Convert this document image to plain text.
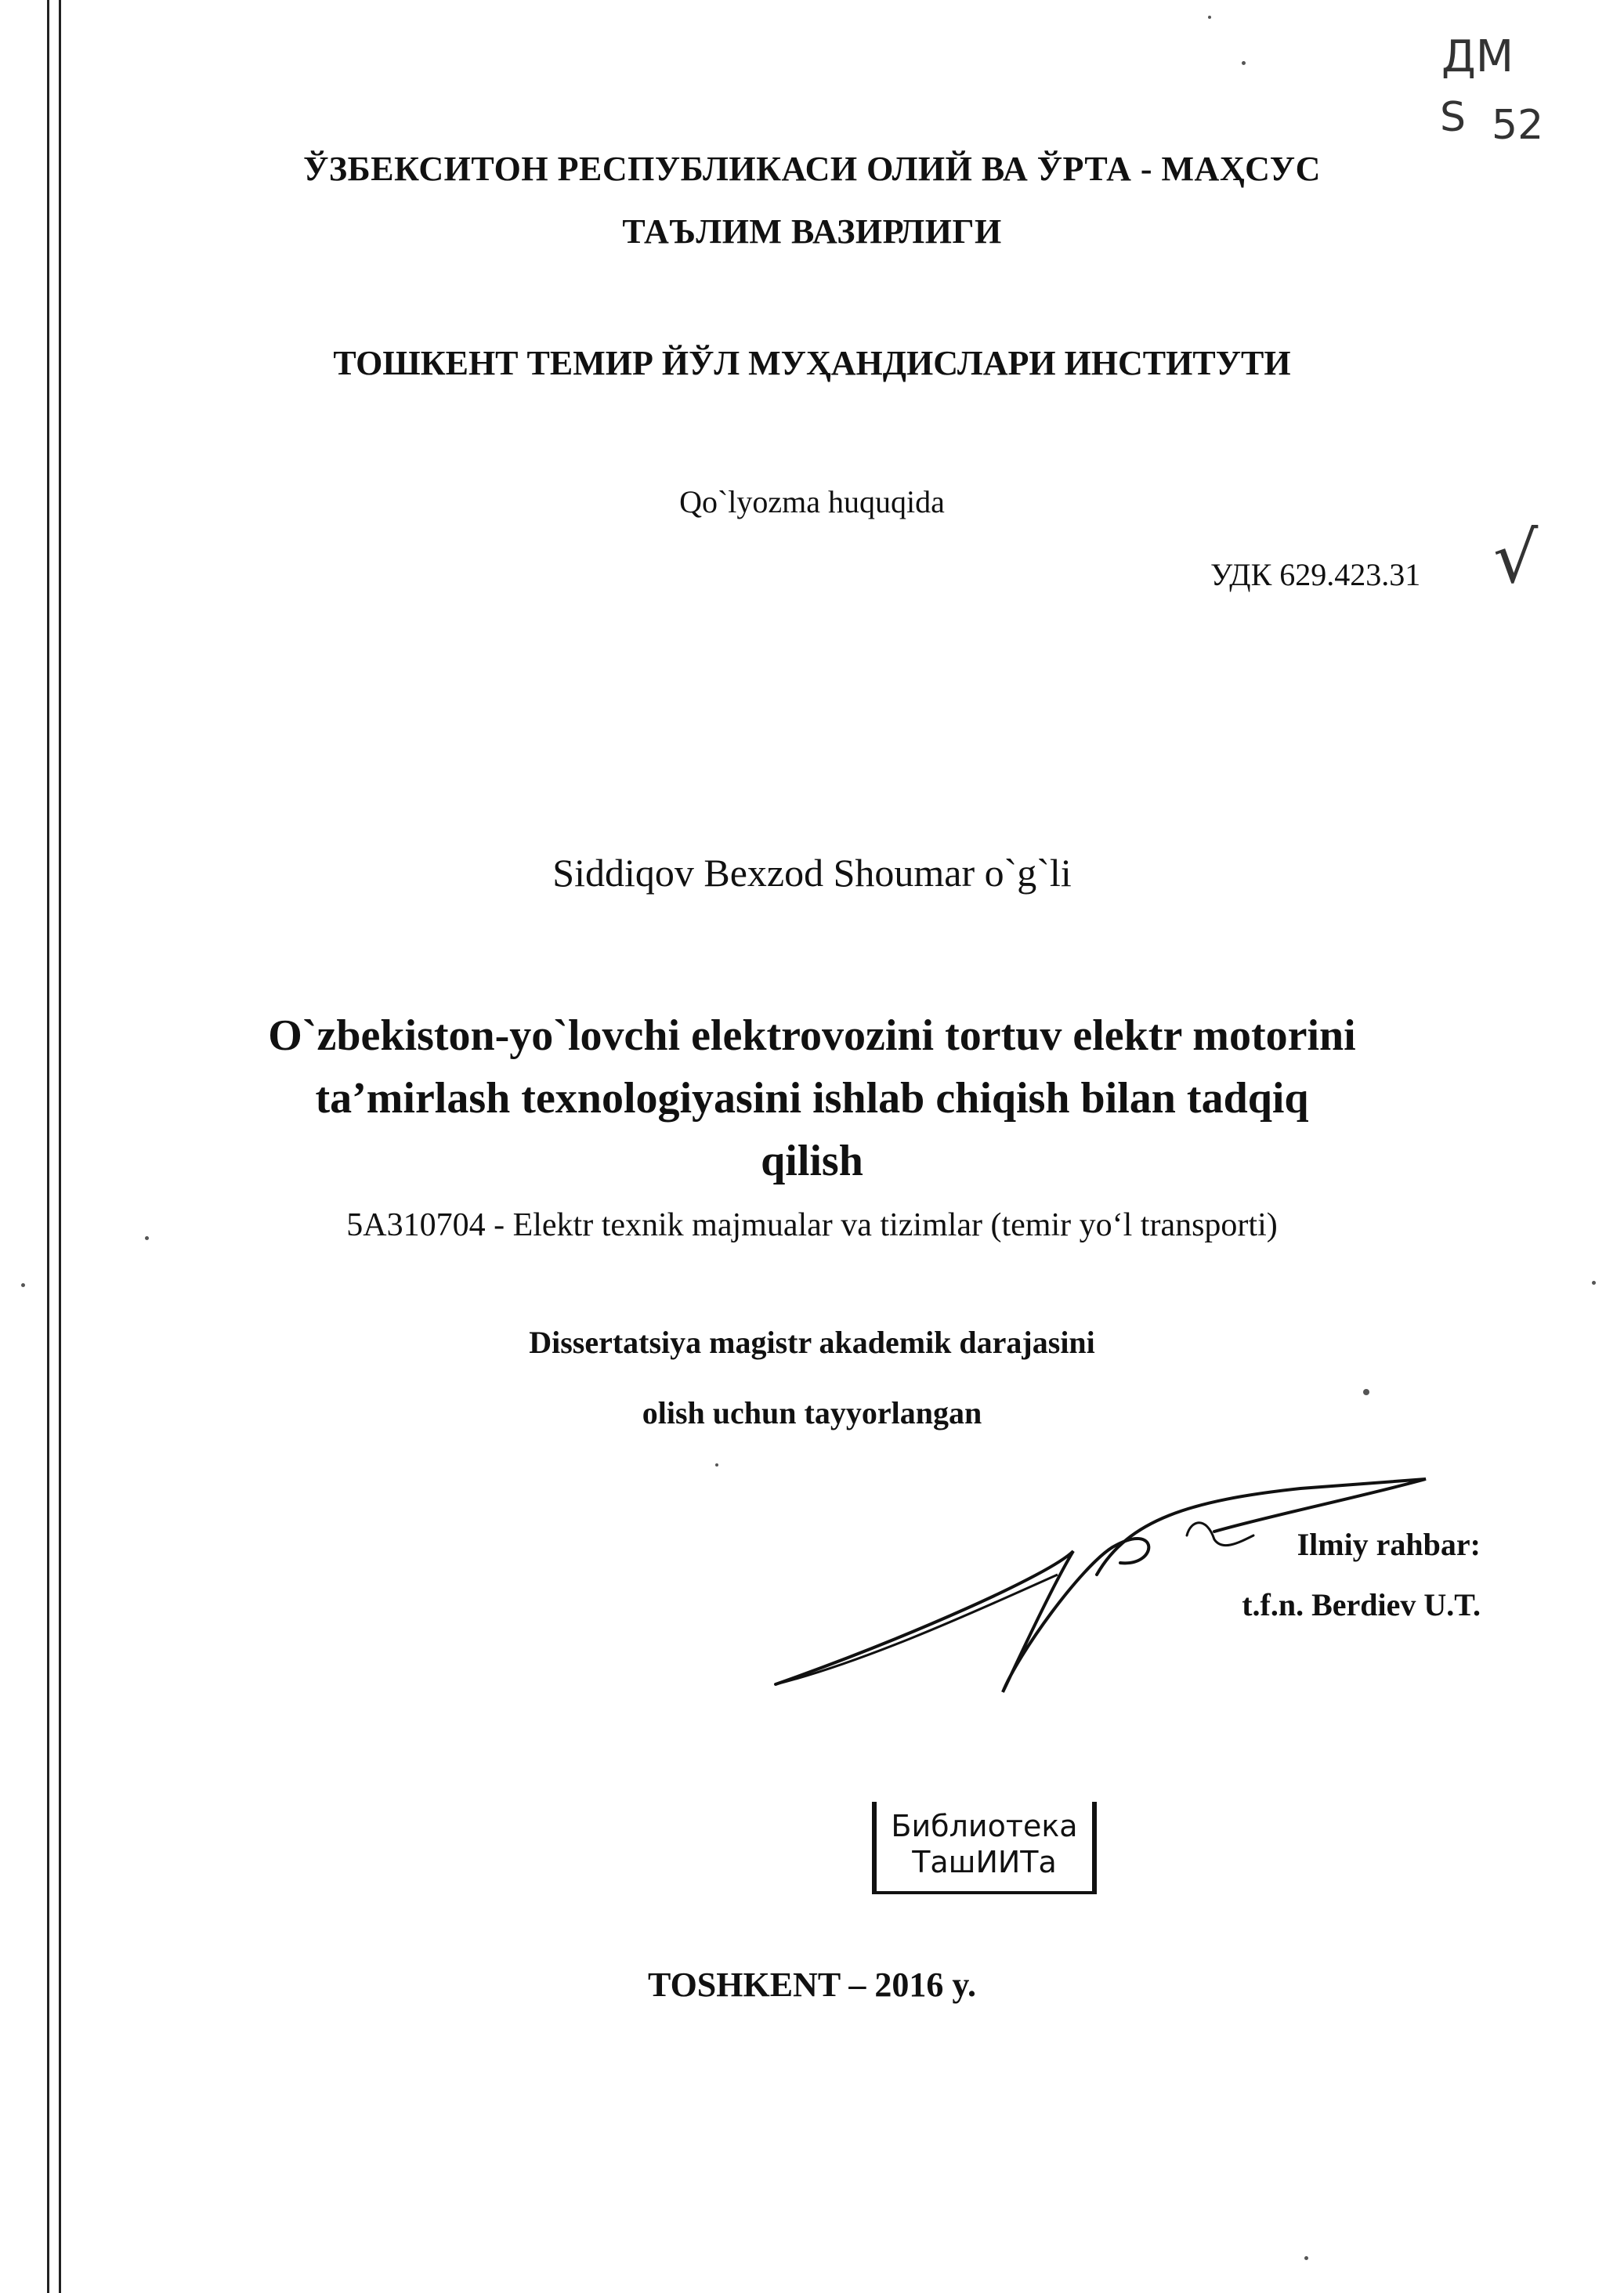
ДМ
S 52
√
ЎЗБЕКСИТОН РЕСПУБЛИКАСИ ОЛИЙ ВА ЎРТА - МАҲСУС
ТАЪЛИМ ВАЗИРЛИГИ
ТОШКЕНТ ТЕМИР ЙЎЛ МУҲАНДИСЛАРИ ИНСТИТУТИ
Qo`lyozma huquqida
УДК 629.423.31
Siddiqov Bexzod Shoumar o`g`li
O`zbekiston-yo`lovchi elektrovozini tortuv elektr motorini
ta’mirlash texnologiyasini ishlab chiqish bilan tadqiq
qilish
5A310704 - Elektr texnik majmualar va tizimlar (temir yo‘l transporti)
Dissertatsiya magistr akademik darajasini
olish uchun tayyorlangan
Ilmiy rahbar:
t.f.n. Berdiev U.T.
Библиотека
ТашИИТа
TOSHKENT – 2016 y.
